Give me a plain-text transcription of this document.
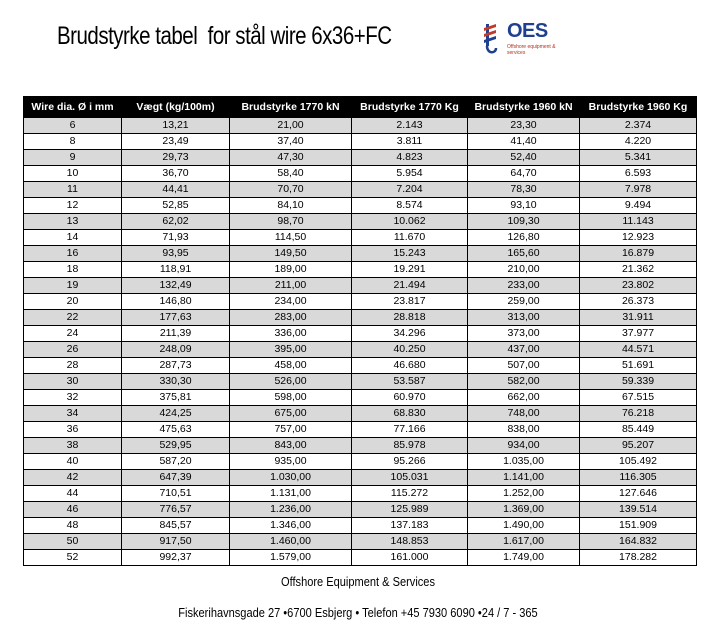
Brudstyrke tabel  for stål wire 6x36+FC	OES
Offshore equipment & services
Wire dia. Ø i mm	Vægt (kg/100m)	Brudstyrke 1770 kN	Brudstyrke 1770 Kg	Brudstyrke 1960 kN	Brudstyrke 1960 Kg
6	13,21	21,00	2.143	23,30	2.374
8	23,49	37,40	3.811	41,40	4.220
9	29,73	47,30	4.823	52,40	5.341
10	36,70	58,40	5.954	64,70	6.593
11	44,41	70,70	7.204	78,30	7.978
12	52,85	84,10	8.574	93,10	9.494
13	62,02	98,70	10.062	109,30	11.143
14	71,93	114,50	11.670	126,80	12.923
16	93,95	149,50	15.243	165,60	16.879
18	118,91	189,00	19.291	210,00	21.362
19	132,49	211,00	21.494	233,00	23.802
20	146,80	234,00	23.817	259,00	26.373
22	177,63	283,00	28.818	313,00	31.911
24	211,39	336,00	34.296	373,00	37.977
26	248,09	395,00	40.250	437,00	44.571
28	287,73	458,00	46.680	507,00	51.691
30	330,30	526,00	53.587	582,00	59.339
32	375,81	598,00	60.970	662,00	67.515
34	424,25	675,00	68.830	748,00	76.218
36	475,63	757,00	77.166	838,00	85.449
38	529,95	843,00	85.978	934,00	95.207
40	587,20	935,00	95.266	1.035,00	105.492
42	647,39	1.030,00	105.031	1.141,00	116.305
44	710,51	1.131,00	115.272	1.252,00	127.646
46	776,57	1.236,00	125.989	1.369,00	139.514
48	845,57	1.346,00	137.183	1.490,00	151.909
50	917,50	1.460,00	148.853	1.617,00	164.832
52	992,37	1.579,00	161.000	1.749,00	178.282
Offshore Equipment & Services
Fiskerihavnsgade 27 •6700 Esbjerg • Telefon +45 7930 6090 •24 / 7 - 365
